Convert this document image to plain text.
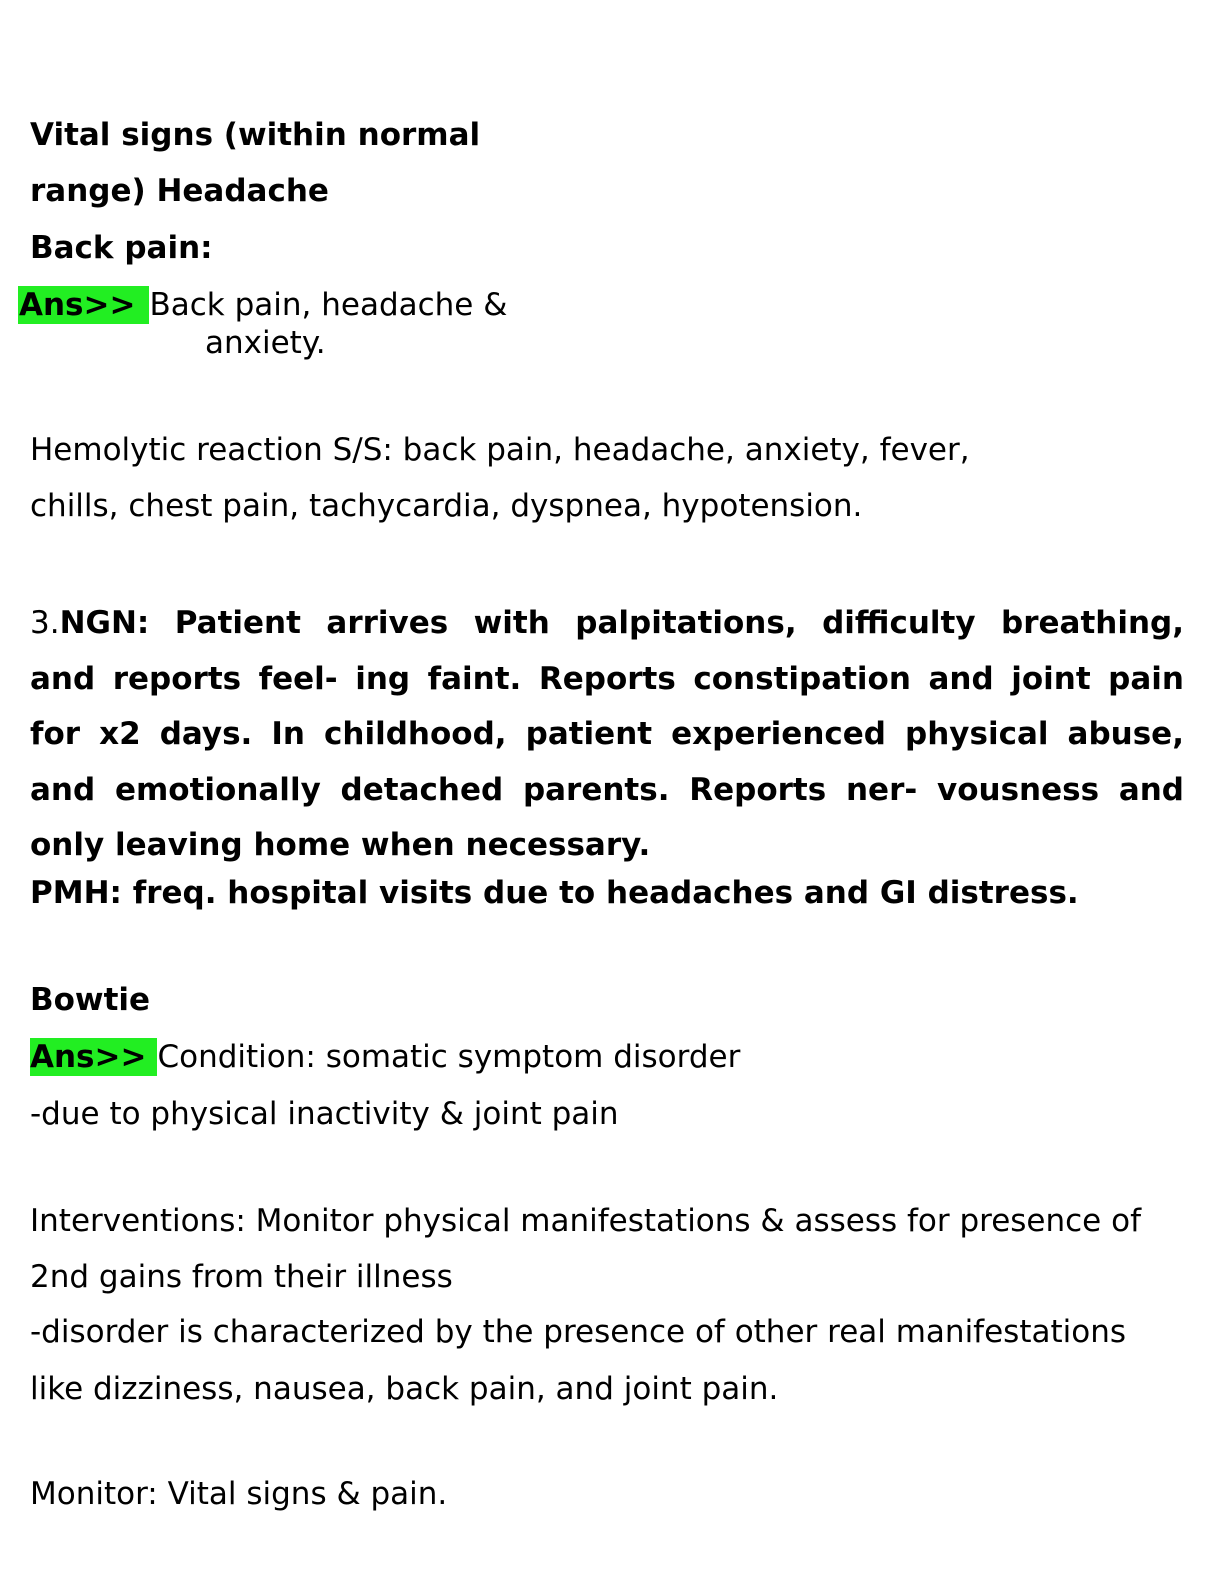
Vital signs (within normal
range) Headache
Back pain:
Ans>> Back pain, headache &
anxiety.
Hemolytic reaction S/S: back pain, headache, anxiety, fever,
chills, chest pain, tachycardia, dyspnea, hypotension.
3.NGN: Patient arrives with palpitations, difficulty breathing,
and reports feel- ing faint. Reports constipation and joint pain
for x2 days. In childhood, patient experienced physical abuse,
and emotionally detached parents. Reports ner- vousness and
only leaving home when necessary.
PMH: freq. hospital visits due to headaches and GI distress.
Bowtie
Ans>> Condition: somatic symptom disorder
-due to physical inactivity & joint pain
Interventions: Monitor physical manifestations & assess for presence of
2nd gains from their illness
-disorder is characterized by the presence of other real manifestations
like dizziness, nausea, back pain, and joint pain.
Monitor: Vital signs & pain.
